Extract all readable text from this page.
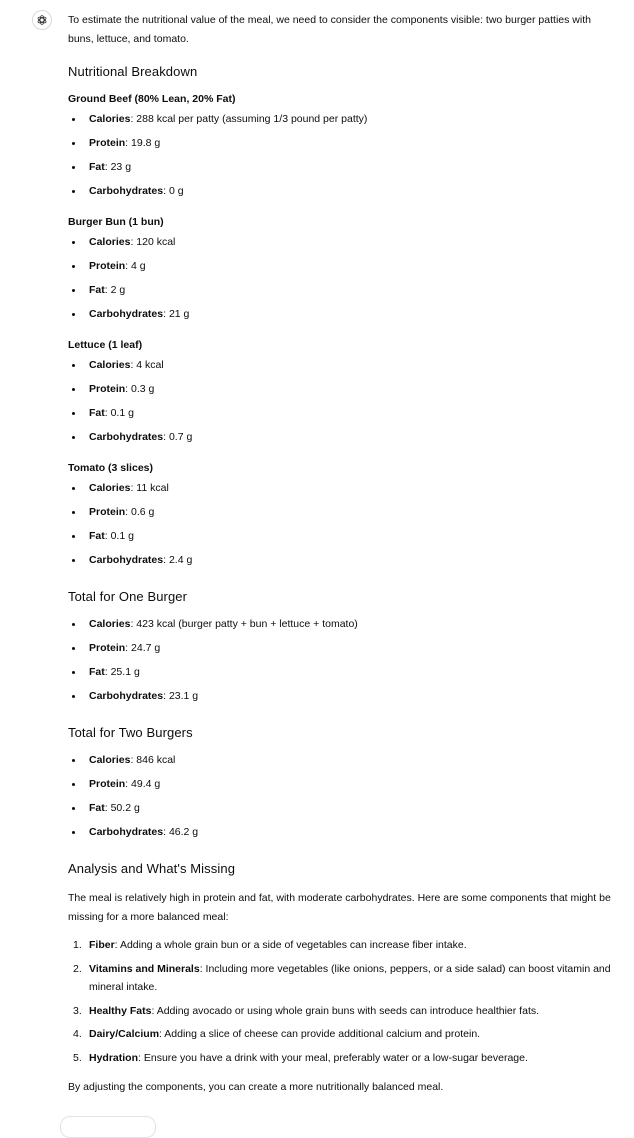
To estimate the nutritional value of the meal, we need to consider the components visible: two burger patties with buns, lettuce, and tomato.

Nutritional Breakdown
Ground Beef (80% Lean, 20% Fat)
Calories: 288 kcal per patty (assuming 1/3 pound per patty)
Protein: 19.8 g
Fat: 23 g
Carbohydrates: 0 g
Burger Bun (1 bun)
Calories: 120 kcal
Protein: 4 g
Fat: 2 g
Carbohydrates: 21 g
Lettuce (1 leaf)
Calories: 4 kcal
Protein: 0.3 g
Fat: 0.1 g
Carbohydrates: 0.7 g
Tomato (3 slices)
Calories: 11 kcal
Protein: 0.6 g
Fat: 0.1 g
Carbohydrates: 2.4 g
Total for One Burger
Calories: 423 kcal (burger patty + bun + lettuce + tomato)
Protein: 24.7 g
Fat: 25.1 g
Carbohydrates: 23.1 g
Total for Two Burgers
Calories: 846 kcal
Protein: 49.4 g
Fat: 50.2 g
Carbohydrates: 46.2 g
Analysis and What's Missing

The meal is relatively high in protein and fat, with moderate carbohydrates. Here are some components that might be missing for a more balanced meal:

1. Fiber: Adding a whole grain bun or a side of vegetables can increase fiber intake.
2. Vitamins and Minerals: Including more vegetables (like onions, peppers, or a side salad) can boost vitamin and mineral intake.
3. Healthy Fats: Adding avocado or using whole grain buns with seeds can introduce healthier fats.
4. Dairy/Calcium: Adding a slice of cheese can provide additional calcium and protein.
5. Hydration: Ensure you have a drink with your meal, preferably water or a low-sugar beverage.

By adjusting the components, you can create a more nutritionally balanced meal.
